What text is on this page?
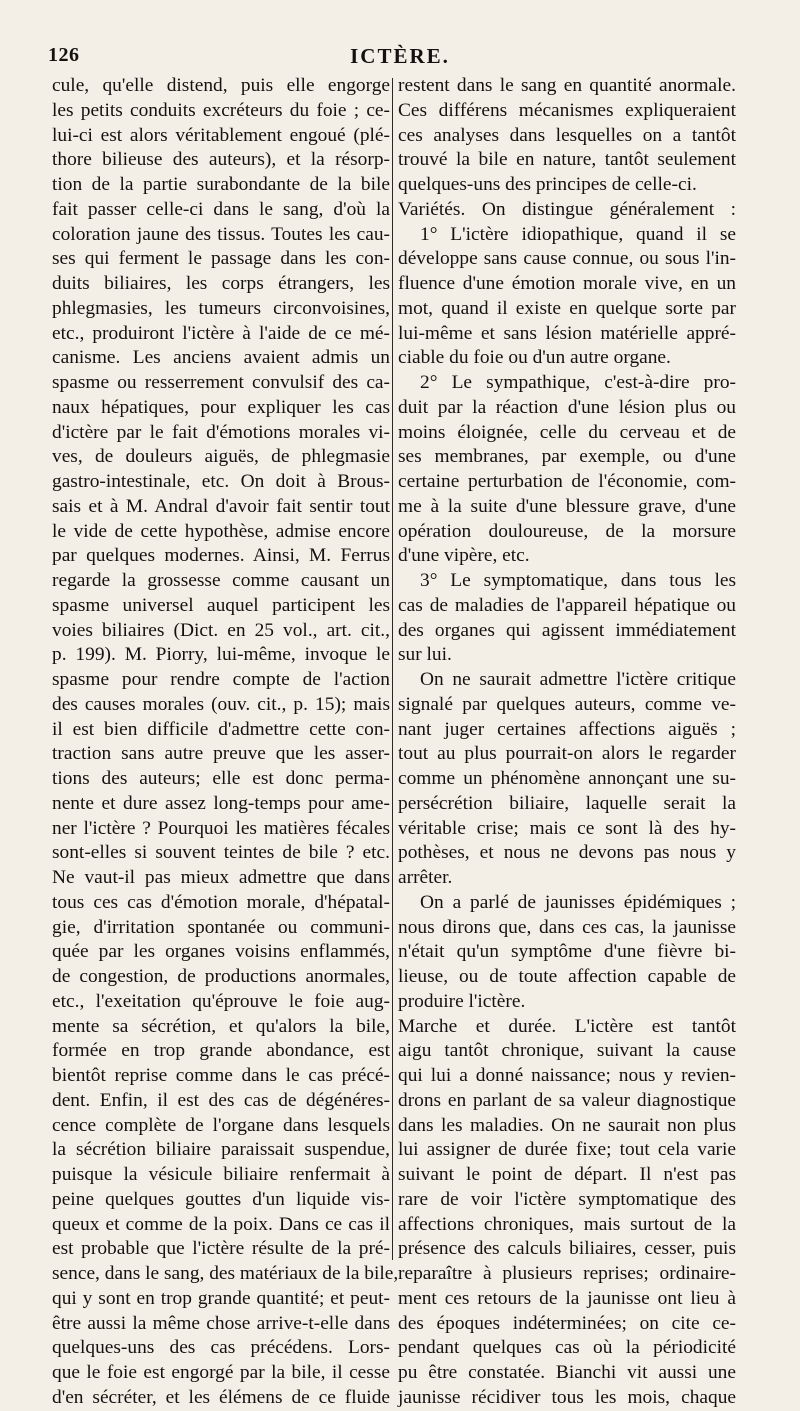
126	ICTÈRE.
cule, qu'elle distend, puis elle engorge
les petits conduits excréteurs du foie ; ce-
lui-ci est alors véritablement engoué (plé-
thore bilieuse des auteurs), et la résorp-
tion de la partie surabondante de la bile
fait passer celle-ci dans le sang, d'où la
coloration jaune des tissus. Toutes les cau-
ses qui ferment le passage dans les con-
duits biliaires, les corps étrangers, les
phlegmasies, les tumeurs circonvoisines,
etc., produiront l'ictère à l'aide de ce mé-
canisme. Les anciens avaient admis un
spasme ou resserrement convulsif des ca-
naux hépatiques, pour expliquer les cas
d'ictère par le fait d'émotions morales vi-
ves, de douleurs aiguës, de phlegmasie
gastro-intestinale, etc. On doit à Brous-
sais et à M. Andral d'avoir fait sentir tout
le vide de cette hypothèse, admise encore
par quelques modernes. Ainsi, M. Ferrus
regarde la grossesse comme causant un
spasme universel auquel participent les
voies biliaires (Dict. en 25 vol., art. cit.,
p. 199). M. Piorry, lui-même, invoque le
spasme pour rendre compte de l'action
des causes morales (ouv. cit., p. 15); mais
il est bien difficile d'admettre cette con-
traction sans autre preuve que les asser-
tions des auteurs; elle est donc perma-
nente et dure assez long-temps pour ame-
ner l'ictère ? Pourquoi les matières fécales
sont-elles si souvent teintes de bile ? etc.
Ne vaut-il pas mieux admettre que dans
tous ces cas d'émotion morale, d'hépatal-
gie, d'irritation spontanée ou communi-
quée par les organes voisins enflammés,
de congestion, de productions anormales,
etc., l'exeitation qu'éprouve le foie aug-
mente sa sécrétion, et qu'alors la bile,
formée en trop grande abondance, est
bientôt reprise comme dans le cas précé-
dent. Enfin, il est des cas de dégénéres-
cence complète de l'organe dans lesquels
la sécrétion biliaire paraissait suspendue,
puisque la vésicule biliaire renfermait à
peine quelques gouttes d'un liquide vis-
queux et comme de la poix. Dans ce cas il
est probable que l'ictère résulte de la pré-
sence, dans le sang, des matériaux de la bile,
qui y sont en trop grande quantité; et peut-
être aussi la même chose arrive-t-elle dans
quelques-uns des cas précédens. Lors-
que le foie est engorgé par la bile, il cesse
d'en sécréter, et les élémens de ce fluide
restent dans le sang en quantité anormale.
Ces différens mécanismes expliqueraient
ces analyses dans lesquelles on a tantôt
trouvé la bile en nature, tantôt seulement
quelques-uns des principes de celle-ci.
Variétés. On distingue généralement :
1° L'ictère idiopathique, quand il se
développe sans cause connue, ou sous l'in-
fluence d'une émotion morale vive, en un
mot, quand il existe en quelque sorte par
lui-même et sans lésion matérielle appré-
ciable du foie ou d'un autre organe.
2° Le sympathique, c'est-à-dire pro-
duit par la réaction d'une lésion plus ou
moins éloignée, celle du cerveau et de
ses membranes, par exemple, ou d'une
certaine perturbation de l'économie, com-
me à la suite d'une blessure grave, d'une
opération douloureuse, de la morsure
d'une vipère, etc.
3° Le symptomatique, dans tous les
cas de maladies de l'appareil hépatique ou
des organes qui agissent immédiatement
sur lui.
On ne saurait admettre l'ictère critique
signalé par quelques auteurs, comme ve-
nant juger certaines affections aiguës ;
tout au plus pourrait-on alors le regarder
comme un phénomène annonçant une su-
persécrétion biliaire, laquelle serait la
véritable crise; mais ce sont là des hy-
pothèses, et nous ne devons pas nous y
arrêter.
On a parlé de jaunisses épidémiques ;
nous dirons que, dans ces cas, la jaunisse
n'était qu'un symptôme d'une fièvre bi-
lieuse, ou de toute affection capable de
produire l'ictère.
Marche et durée. L'ictère est tantôt
aigu tantôt chronique, suivant la cause
qui lui a donné naissance; nous y revien-
drons en parlant de sa valeur diagnostique
dans les maladies. On ne saurait non plus
lui assigner de durée fixe; tout cela varie
suivant le point de départ. Il n'est pas
rare de voir l'ictère symptomatique des
affections chroniques, mais surtout de la
présence des calculs biliaires, cesser, puis
reparaître à plusieurs reprises; ordinaire-
ment ces retours de la jaunisse ont lieu à
des époques indéterminées; on cite ce-
pendant quelques cas où la périodicité
pu être constatée. Bianchi vit aussi une
jaunisse récidiver tous les mois, chaque
